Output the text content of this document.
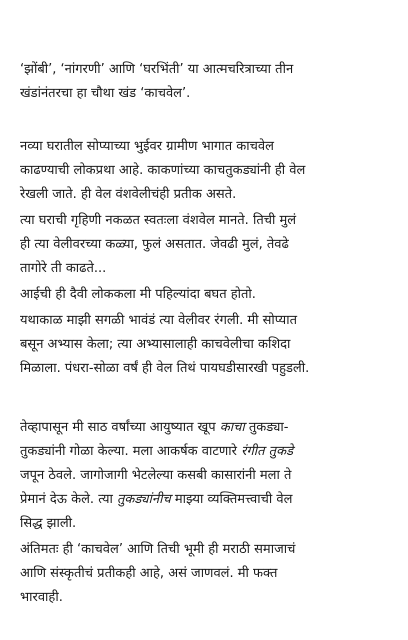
‘झोंबी’, ‘नांगरणी’ आणि ‘घरभिंती’ या आत्मचरित्राच्या तीन
खंडांनंतरचा हा चौथा खंड ‘काचवेल’.
नव्या घरातील सोप्याच्या भुईवर ग्रामीण भागात काचवेल
काढण्याची लोकप्रथा आहे. काकणांच्या काचतुकड्यांनी ही वेल
रेखली जाते. ही वेल वंशवेलीचंही प्रतीक असते.
त्या घराची गृहिणी नकळत स्वतःला वंशवेल मानते. तिची मुलं
ही त्या वेलीवरच्या कळ्या, फुलं असतात. जेवढी मुलं, तेवढे
तागोरे ती काढते...
आईची ही दैवी लोककला मी पहिल्यांदा बघत होतो.
यथाकाळ माझी सगळी भावंडं त्या वेलीवर रंगली. मी सोप्यात
बसून अभ्यास केला; त्या अभ्यासालाही काचवेलीचा कशिदा
मिळाला. पंधरा-सोळा वर्षं ही वेल तिथं पायघडीसारखी पहुडली.
तेव्हापासून मी साठ वर्षांच्या आयुष्यात खूप काचा तुकड्या-
तुकड्यांनी गोळा केल्या. मला आकर्षक वाटणारे रंगीत तुकडे
जपून ठेवले. जागोजागी भेटलेल्या कसबी कासारांनी मला ते
प्रेमानं देऊ केले. त्या तुकड्यांनीच माझ्या व्यक्तिमत्त्वाची वेल
सिद्ध झाली.
अंतिमतः ही ‘काचवेल’ आणि तिची भूमी ही मराठी समाजाचं
आणि संस्कृतीचं प्रतीकही आहे, असं जाणवलं. मी फक्त
भारवाही.
